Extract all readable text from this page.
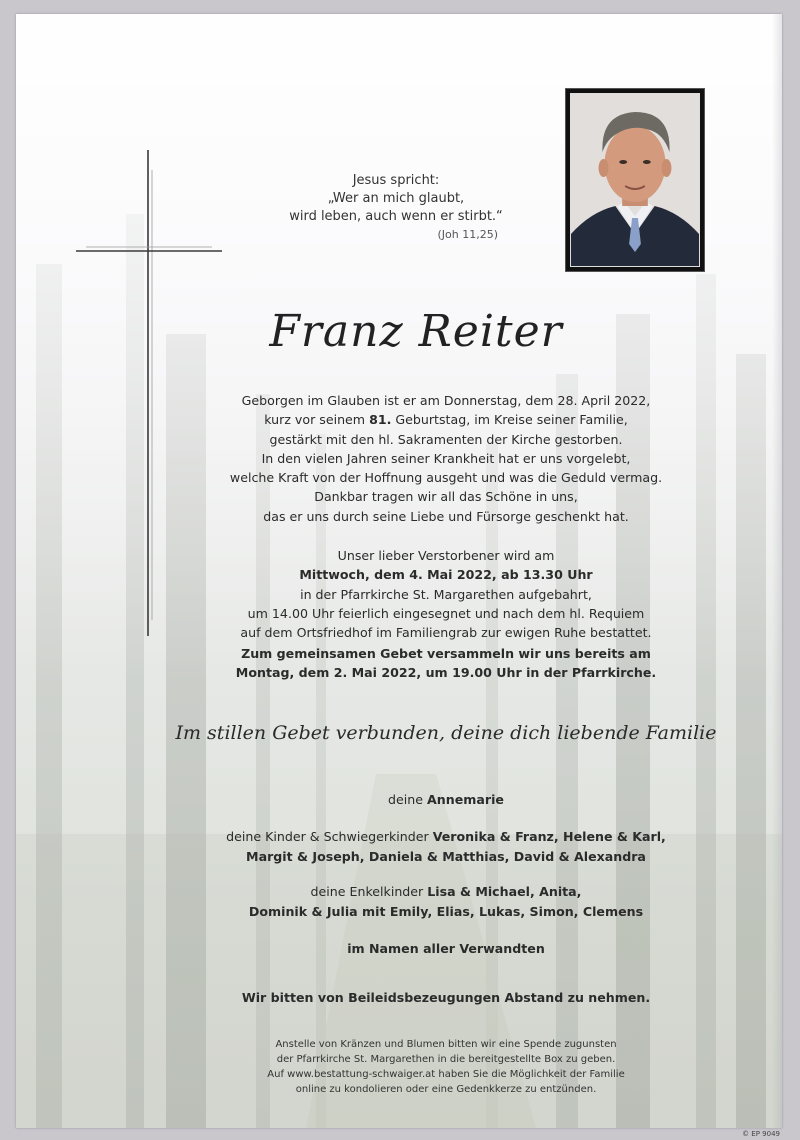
Jesus spricht:
„Wer an mich glaubt,
wird leben, auch wenn er stirbt.“
(Joh 11,25)
Franz Reiter
Geborgen im Glauben ist er am Donnerstag, dem 28. April 2022,
kurz vor seinem 81. Geburtstag, im Kreise seiner Familie,
gestärkt mit den hl. Sakramenten der Kirche gestorben.
In den vielen Jahren seiner Krankheit hat er uns vorgelebt,
welche Kraft von der Hoffnung ausgeht und was die Geduld vermag.
Dankbar tragen wir all das Schöne in uns,
das er uns durch seine Liebe und Fürsorge geschenkt hat.
Unser lieber Verstorbener wird am
Mittwoch, dem 4. Mai 2022, ab 13.30 Uhr
in der Pfarrkirche St. Margarethen aufgebahrt,
um 14.00 Uhr feierlich eingesegnet und nach dem hl. Requiem
auf dem Ortsfriedhof im Familiengrab zur ewigen Ruhe bestattet.
Zum gemeinsamen Gebet versammeln wir uns bereits am
Montag, dem 2. Mai 2022, um 19.00 Uhr in der Pfarrkirche.
Im stillen Gebet verbunden, deine dich liebende Familie
deine Annemarie
deine Kinder & Schwiegerkinder Veronika & Franz, Helene & Karl,
Margit & Joseph, Daniela & Matthias, David & Alexandra
deine Enkelkinder Lisa & Michael, Anita,
Dominik & Julia mit Emily, Elias, Lukas, Simon, Clemens
im Namen aller Verwandten
Wir bitten von Beileidsbezeugungen Abstand zu nehmen.
Anstelle von Kränzen und Blumen bitten wir eine Spende zugunsten
der Pfarrkirche St. Margarethen in die bereitgestellte Box zu geben.
Auf www.bestattung-schwaiger.at haben Sie die Möglichkeit der Familie
online zu kondolieren oder eine Gedenkkerze zu entzünden.
© EP 9049
